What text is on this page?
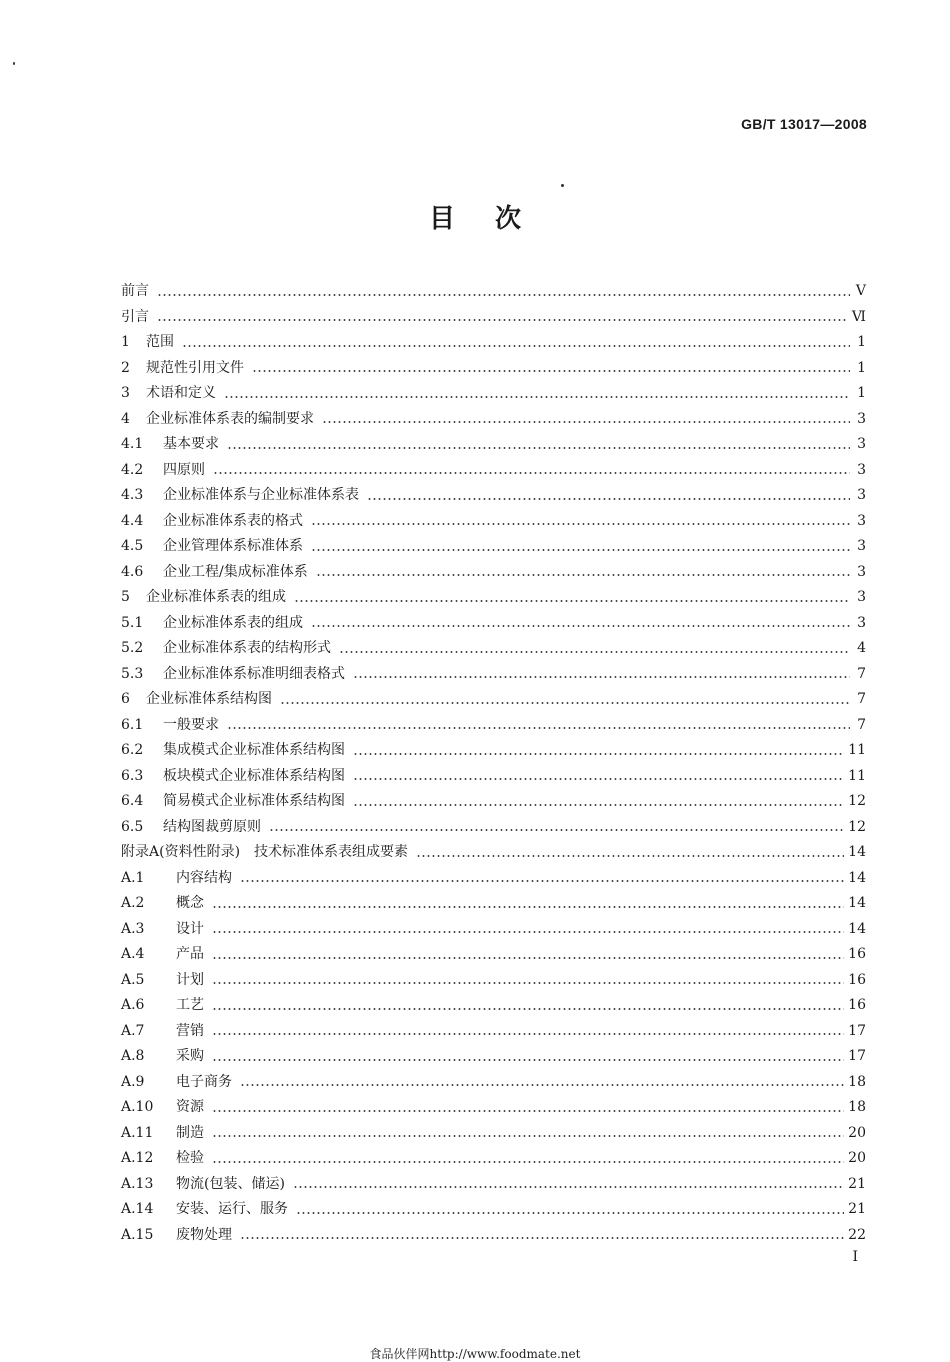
GB/T 13017—2008
目次
前言	Ⅴ
引言	Ⅵ
1	范围	1
2	规范性引用文件	1
3	术语和定义	1
4	企业标准体系表的编制要求	3
4.1	基本要求	3
4.2	四原则	3
4.3	企业标准体系与企业标准体系表	3
4.4	企业标准体系表的格式	3
4.5	企业管理体系标准体系	3
4.6	企业工程/集成标准体系	3
5	企业标准体系表的组成	3
5.1	企业标准体系表的组成	3
5.2	企业标准体系表的结构形式	4
5.3	企业标准体系标准明细表格式	7
6	企业标准体系结构图	7
6.1	一般要求	7
6.2	集成模式企业标准体系结构图	11
6.3	板块模式企业标准体系结构图	11
6.4	简易模式企业标准体系结构图	12
6.5	结构图裁剪原则	12
附录A(资料性附录)　技术标准体系表组成要素	14
A.1	内容结构	14
A.2	概念	14
A.3	设计	14
A.4	产品	16
A.5	计划	16
A.6	工艺	16
A.7	营销	17
A.8	采购	17
A.9	电子商务	18
A.10	资源	18
A.11	制造	20
A.12	检验	20
A.13	物流(包装、储运)	21
A.14	安装、运行、服务	21
A.15	废物处理	22
Ⅰ
食品伙伴网http://www.foodmate.net
